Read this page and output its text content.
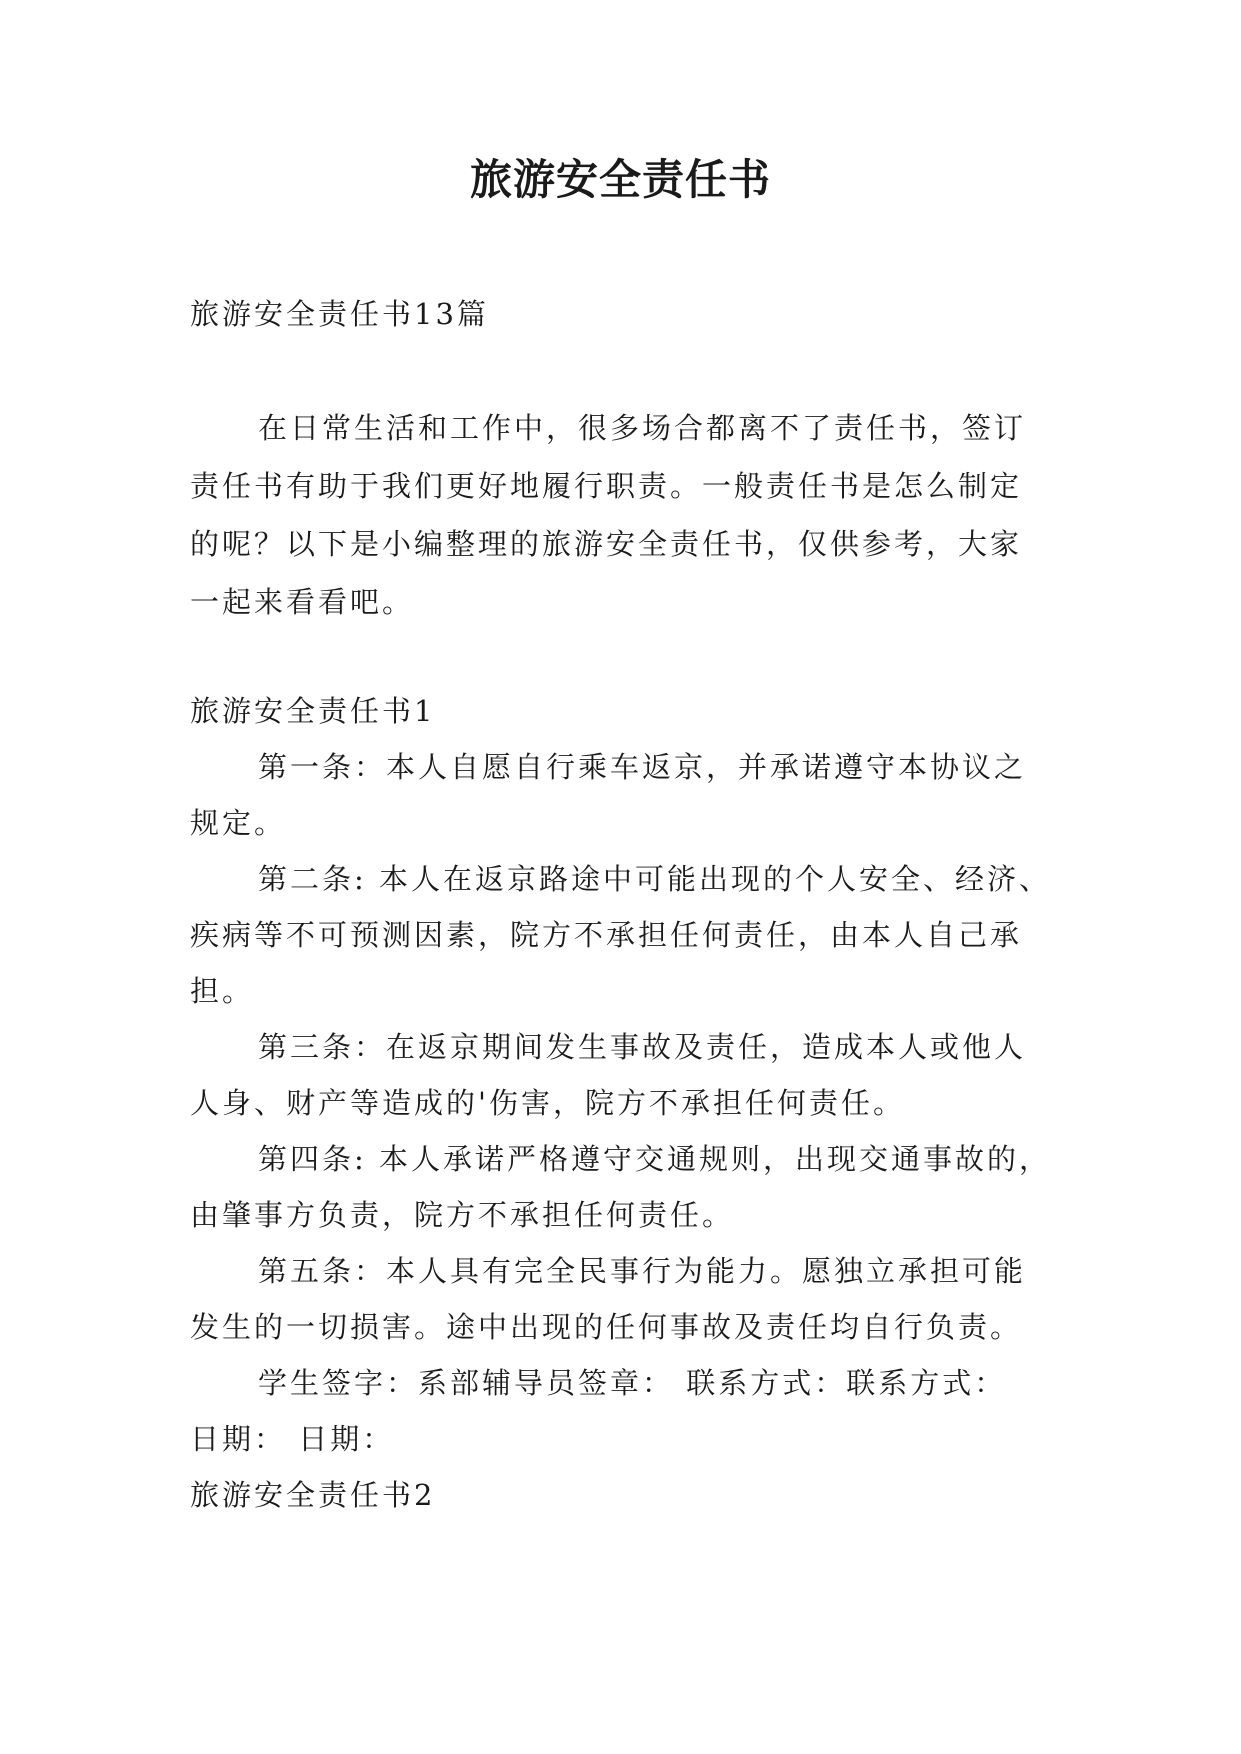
旅游安全责任书

旅游安全责任书13篇

在日常生活和工作中，很多场合都离不了责任书，签订

责任书有助于我们更好地履行职责。一般责任书是怎么制定

的呢？以下是小编整理的旅游安全责任书，仅供参考，大家

一起来看看吧。

旅游安全责任书1

第一条：本人自愿自行乘车返京，并承诺遵守本协议之

规定。

第二条: 本人在返京路途中可能出现的个人安全、经济、

疾病等不可预测因素，院方不承担任何责任，由本人自己承

担。

第三条：在返京期间发生事故及责任，造成本人或他人

人身、财产等造成的'伤害，院方不承担任何责任。

第四条: 本人承诺严格遵守交通规则，出现交通事故的，

由肇事方负责，院方不承担任何责任。

第五条：本人具有完全民事行为能力。愿独立承担可能

发生的一切损害。途中出现的任何事故及责任均自行负责。

学生签字：系部辅导员签章： 联系方式：联系方式：

日期： 日期：

旅游安全责任书2
